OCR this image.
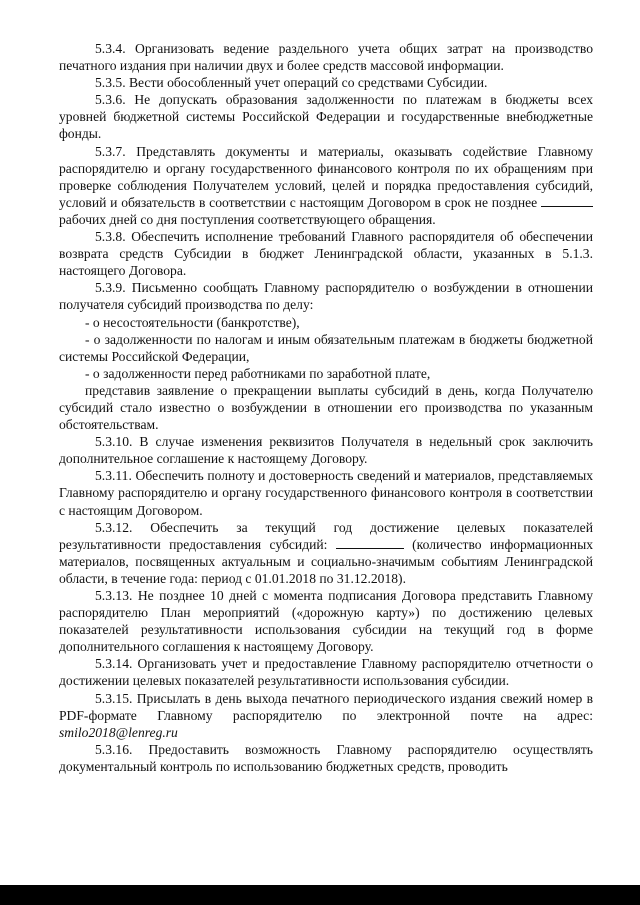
5.3.4. Организовать ведение раздельного учета общих затрат на производство печатного издания при наличии двух и более средств массовой информации.

5.3.5. Вести обособленный учет операций со средствами Субсидии.

5.3.6. Не допускать образования задолженности по платежам в бюджеты всех уровней бюджетной системы Российской Федерации и государственные внебюджетные фонды.

5.3.7. Представлять документы и материалы, оказывать содействие Главному распорядителю и органу государственного финансового контроля по их обращениям при проверке соблюдения Получателем условий, целей и порядка предоставления субсидий, условий и обязательств в соответствии с настоящим Договором в срок не позднее  рабочих дней со дня поступления соответствующего обращения.

5.3.8. Обеспечить исполнение требований Главного распорядителя об обеспечении возврата средств Субсидии в бюджет Ленинградской области, указанных в 5.1.3. настоящего Договора.

5.3.9. Письменно сообщать Главному распорядителю о возбуждении в отношении получателя субсидий производства по делу:

- о несостоятельности (банкротстве),

- о задолженности по налогам и иным обязательным платежам в бюджеты бюджетной системы Российской Федерации,

- о задолженности перед работниками по заработной плате,

представив заявление о прекращении выплаты субсидий в день, когда Получателю субсидий стало известно о возбуждении в отношении его производства по указанным обстоятельствам.

5.3.10. В случае изменения реквизитов Получателя в недельный срок заключить дополнительное соглашение к настоящему Договору.

5.3.11. Обеспечить полноту и достоверность сведений и материалов, представляемых Главному распорядителю и органу государственного финансового контроля в соответствии с настоящим Договором.

5.3.12. Обеспечить за текущий год достижение целевых показателей результативности предоставления субсидий:	(количество информационных материалов, посвященных актуальным и социально-значимым событиям Ленинградской области, в течение года: период с 01.01.2018 по 31.12.2018).

5.3.13. Не позднее 10 дней с момента подписания Договора представить Главному распорядителю План мероприятий («дорожную карту») по достижению целевых показателей результативности использования субсидии на текущий год в форме дополнительного соглашения к настоящему Договору.

5.3.14. Организовать учет и предоставление Главному распорядителю отчетности о достижении целевых показателей результативности использования субсидии.

5.3.15. Присылать в день выхода печатного периодического издания свежий номер в PDF-формате Главному распорядителю по электронной почте на адрес: smilo2018@lenreg.ru

5.3.16. Предоставить возможность Главному распорядителю осуществлять документальный контроль по использованию бюджетных средств, проводить
